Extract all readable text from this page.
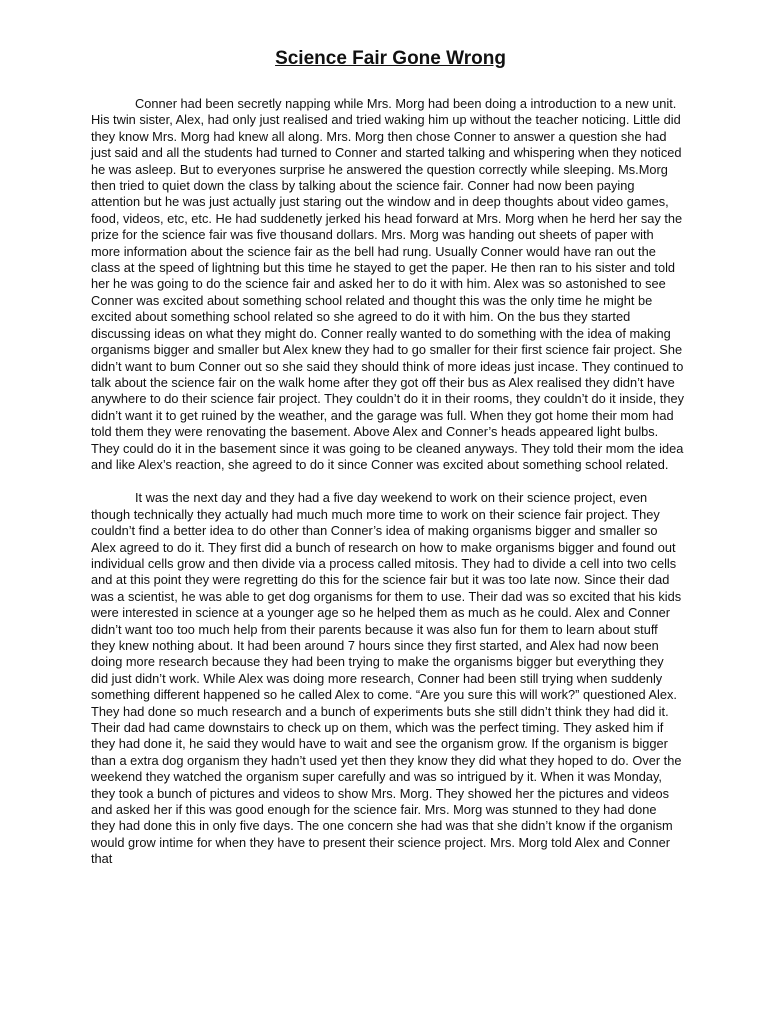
Science Fair Gone Wrong

Conner had been secretly napping while Mrs. Morg had been doing a introduction to a new unit. His twin sister, Alex, had only just realised and tried waking him up without the teacher noticing. Little did they know Mrs. Morg had knew all along. Mrs. Morg then chose Conner to answer a question she had just said and all the students had turned to Conner and started talking and whispering when they noticed he was asleep. But to everyones surprise he answered the question correctly while sleeping. Ms.Morg then tried to quiet down the class by talking about the science fair. Conner had now been paying attention but he was just actually just staring out the window and in deep thoughts about video games, food, videos, etc, etc. He had suddenetly jerked his head forward at Mrs. Morg when he herd her say the prize for the science fair was five thousand dollars. Mrs. Morg was handing out sheets of paper with more information about the science fair as the bell had rung. Usually Conner would have ran out the class at the speed of lightning but this time he stayed to get the paper. He then ran to his sister and told her he was going to do the science fair and asked her to do it with him. Alex was so astonished to see Conner was excited about something school related and thought this was the only time he might be excited about something school related so she agreed to do it with him. On the bus they started discussing ideas on what they might do. Conner really wanted to do something with the idea of making organisms bigger and smaller but Alex knew they had to go smaller for their first science fair project. She didn’t want to bum Conner out so she said they should think of more ideas just incase. They continued to talk about the science fair on the walk home after they got off their bus as Alex realised they didn’t have anywhere to do their science fair project. They couldn’t do it in their rooms, they couldn’t do it inside, they didn’t want it to get ruined by the weather, and the garage was full. When they got home their mom had told them they were renovating the basement. Above Alex and Conner’s heads appeared light bulbs. They could do it in the basement since it was going to be cleaned anyways. They told their mom the idea and like Alex’s reaction, she agreed to do it since Conner was excited about something school related.

It was the next day and they had a five day weekend to work on their science project, even though technically they actually had much much more time to work on their science fair project. They couldn’t find a better idea to do other than Conner’s idea of making organisms bigger and smaller so Alex agreed to do it. They first did a bunch of research on how to make organisms bigger and found out individual cells grow and then divide via a process called mitosis. They had to divide a cell into two cells and at this point they were regretting do this for the science fair but it was too late now. Since their dad was a scientist, he was able to get dog organisms for them to use. Their dad was so excited that his kids were interested in science at a younger age so he helped them as much as he could. Alex and Conner didn’t want too too much help from their parents because it was also fun for them to learn about stuff they knew nothing about. It had been around 7 hours since they first started, and Alex had now been doing more research because they had been trying to make the organisms bigger but everything they did just didn’t work. While Alex was doing more research, Conner had been still trying when suddenly something different happened so he called Alex to come. “Are you sure this will work?” questioned Alex. They had done so much research and a bunch of experiments buts she still didn’t think they had did it. Their dad had came downstairs to check up on them, which was the perfect timing. They asked him if they had done it, he said they would have to wait and see the organism grow. If the organism is bigger than a extra dog organism they hadn’t used yet then they know they did what they hoped to do. Over the weekend they watched the organism super carefully and was so intrigued by it. When it was Monday, they took a bunch of pictures and videos to show Mrs. Morg. They showed her the pictures and videos and asked her if this was good enough for the science fair. Mrs. Morg was stunned to they had done they had done this in only five days. The one concern she had was that she didn’t know if the organism would grow intime for when they have to present their science project. Mrs. Morg told Alex and Conner that
